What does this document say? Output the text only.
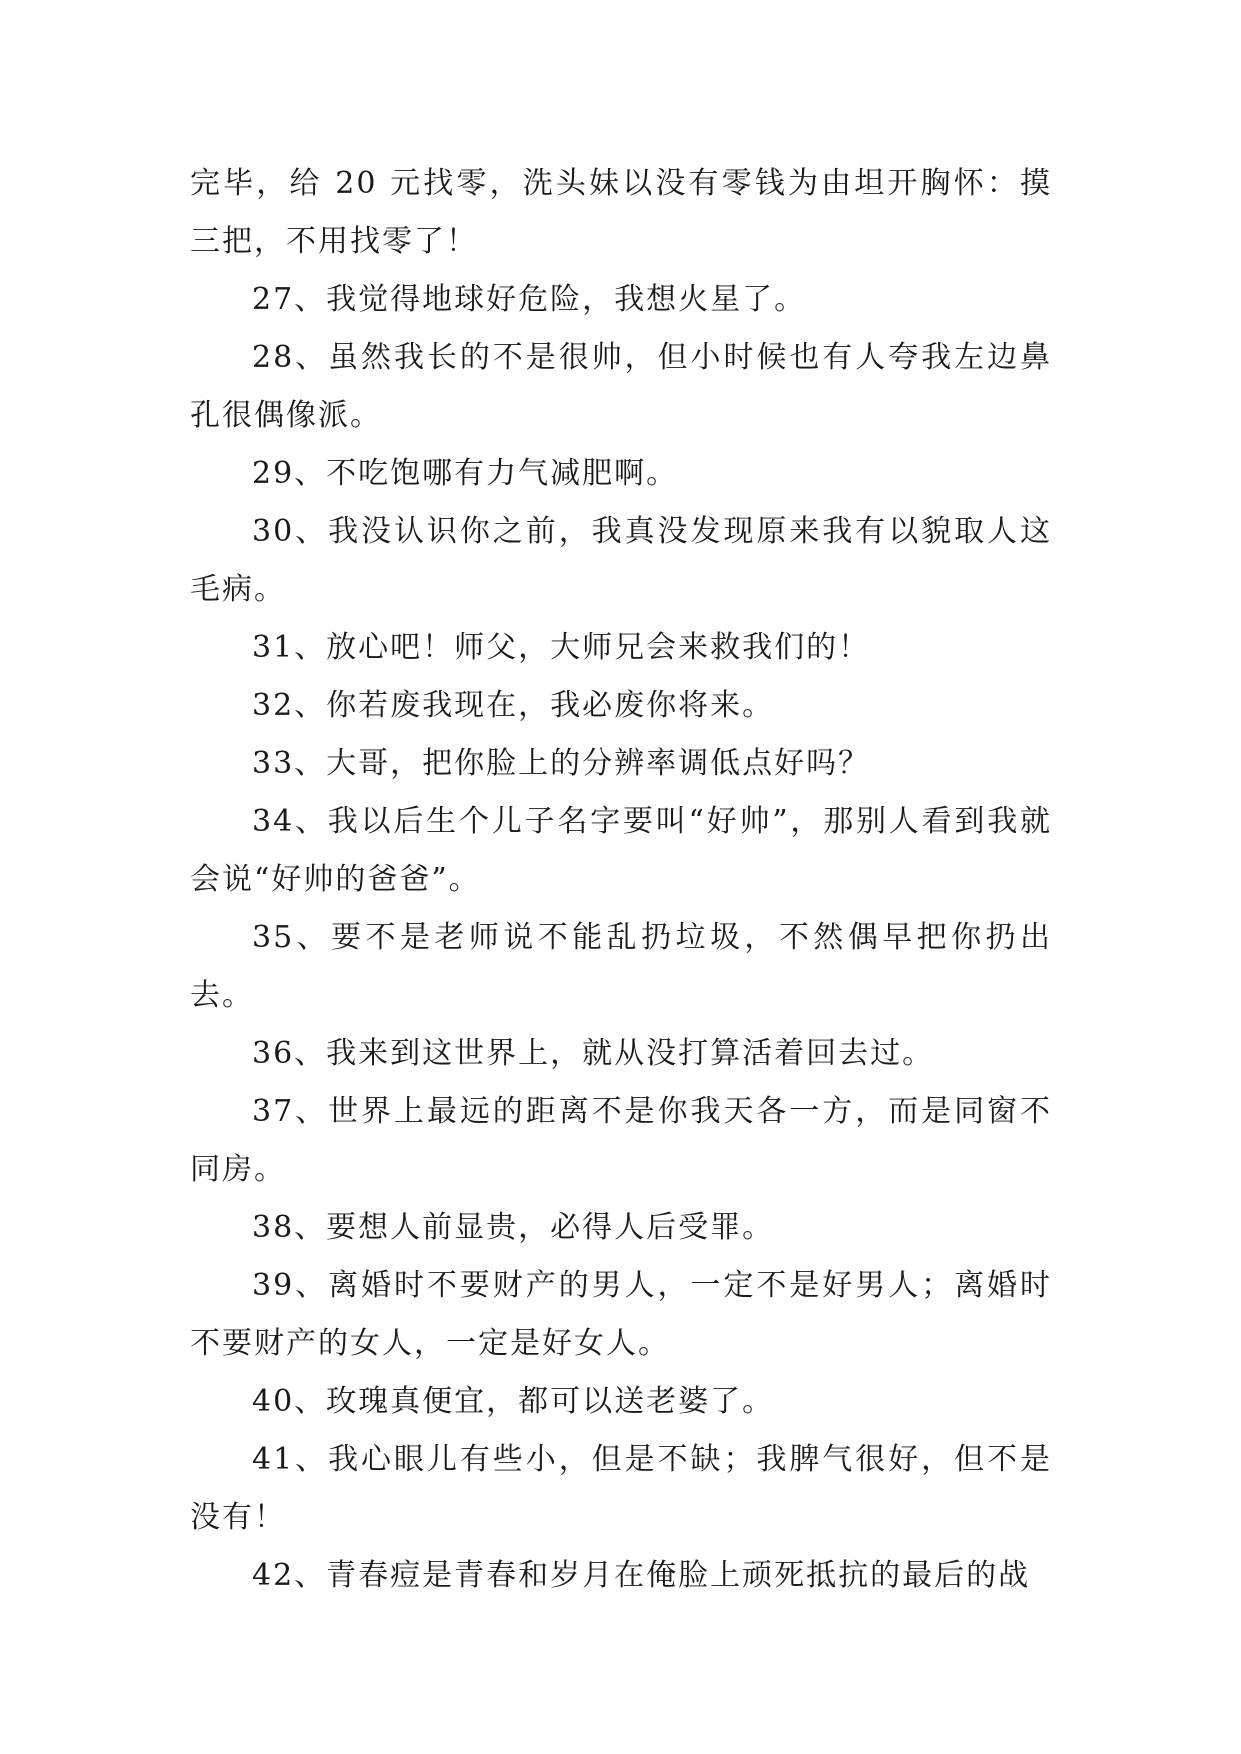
完毕，给 20 元找零，洗头妹以没有零钱为由坦开胸怀：摸三把，不用找零了！

27、我觉得地球好危险，我想火星了。

28、虽然我长的不是很帅，但小时候也有人夸我左边鼻孔很偶像派。

29、不吃饱哪有力气减肥啊。

30、我没认识你之前，我真没发现原来我有以貌取人这毛病。

31、放心吧！师父，大师兄会来救我们的！

32、你若废我现在，我必废你将来。

33、大哥，把你脸上的分辨率调低点好吗？

34、我以后生个儿子名字要叫“好帅”，那别人看到我就会说“好帅的爸爸”。

35、要不是老师说不能乱扔垃圾，不然偶早把你扔出去。

36、我来到这世界上，就从没打算活着回去过。

37、世界上最远的距离不是你我天各一方，而是同窗不同房。

38、要想人前显贵，必得人后受罪。

39、离婚时不要财产的男人，一定不是好男人；离婚时不要财产的女人，一定是好女人。

40、玫瑰真便宜，都可以送老婆了。

41、我心眼儿有些小，但是不缺；我脾气很好，但不是没有！

42、青春痘是青春和岁月在俺脸上顽死抵抗的最后的战
